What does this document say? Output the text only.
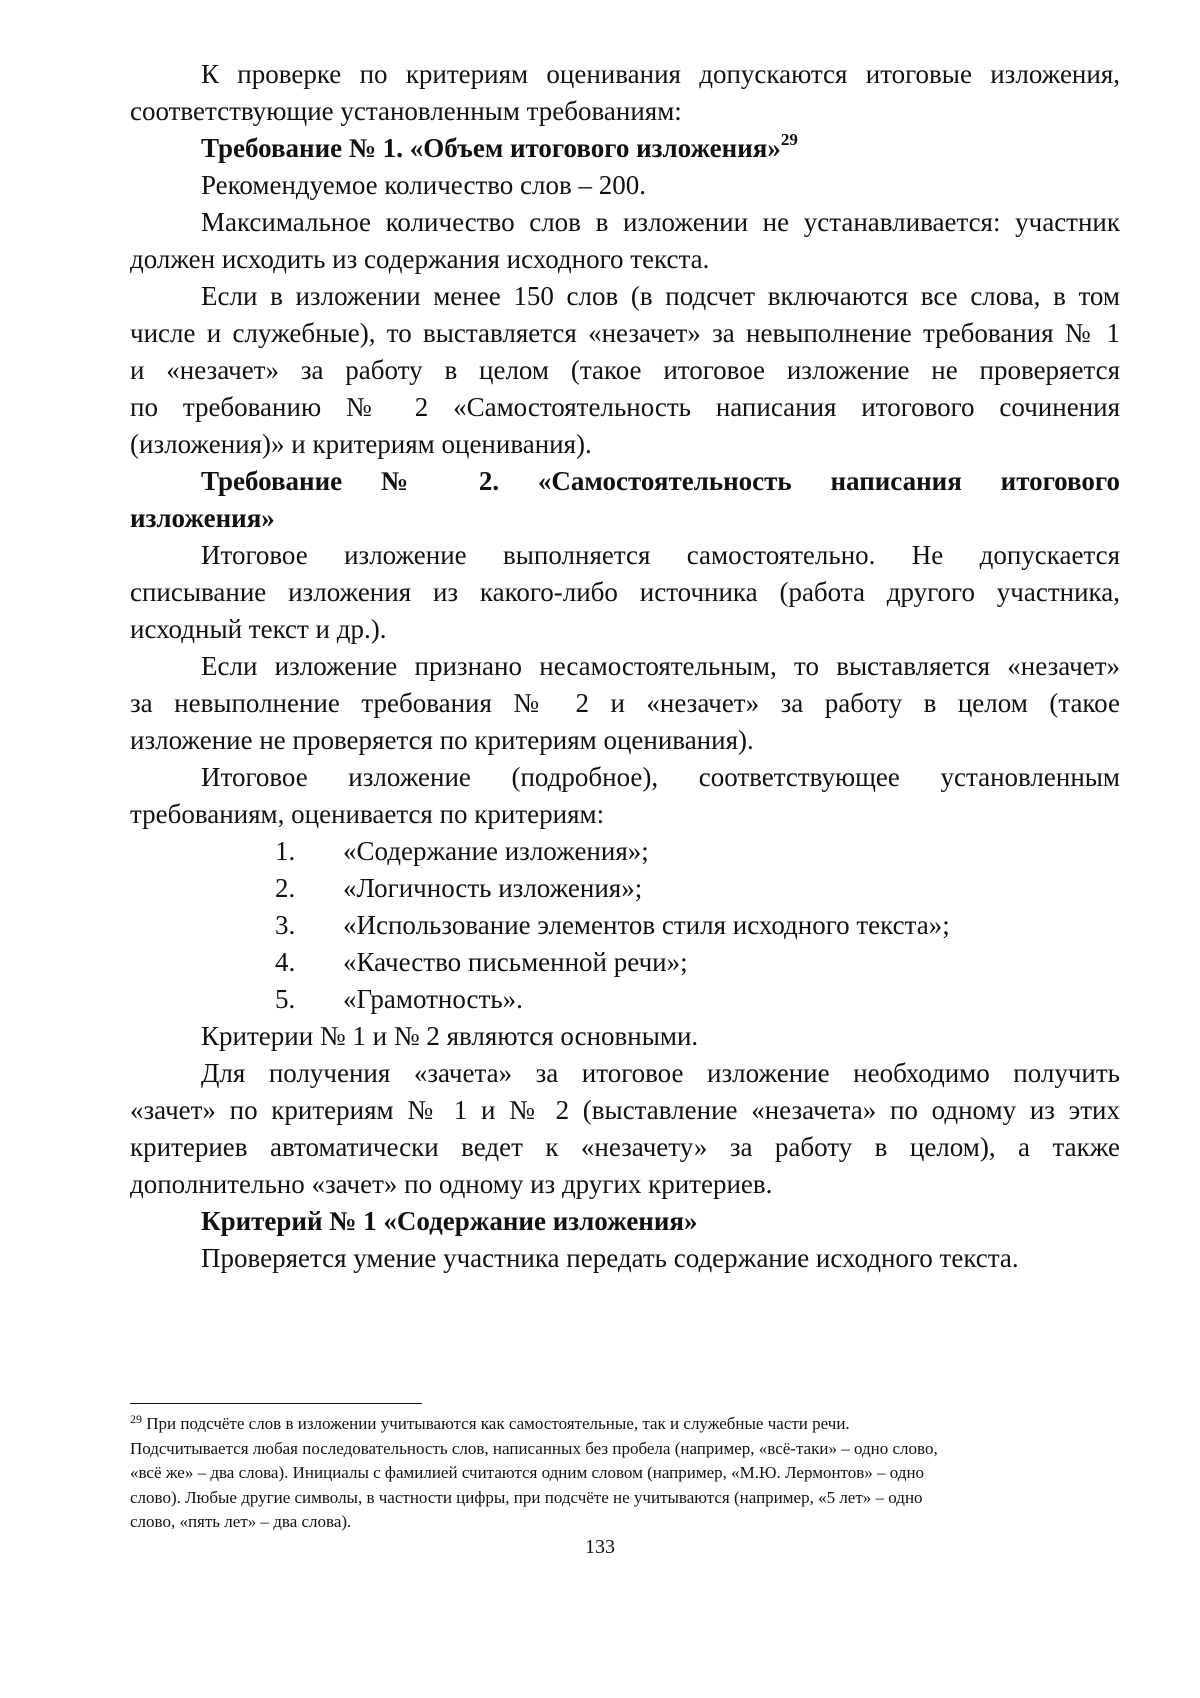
К проверке по критериям оценивания допускаются итоговые изложения,
соответствующие установленным требованиям:
Требование № 1. «Объем итогового изложения»$^{29}$
Рекомендуемое количество слов – 200.
Максимальное количество слов в изложении не устанавливается: участник
должен исходить из содержания исходного текста.
Если в изложении менее 150 слов (в подсчет включаются все слова, в том
числе и служебные), то выставляется «незачет» за невыполнение требования № 1
и «незачет» за работу в целом (такое итоговое изложение не проверяется
по требованию № 2 «Самостоятельность написания итогового сочинения
(изложения)» и критериям оценивания).
Требование № 2. «Самостоятельность написания итогового
изложения»
Итоговое изложение выполняется самостоятельно. Не допускается
списывание изложения из какого-либо источника (работа другого участника,
исходный текст и др.).
Если изложение признано несамостоятельным, то выставляется «незачет»
за невыполнение требования № 2 и «незачет» за работу в целом (такое
изложение не проверяется по критериям оценивания).
Итоговое изложение (подробное), соответствующее установленным
требованиям, оценивается по критериям:
1. «Содержание изложения»;
2. «Логичность изложения»;
3. «Использование элементов стиля исходного текста»;
4. «Качество письменной речи»;
5. «Грамотность».
Критерии № 1 и № 2 являются основными.
Для получения «зачета» за итоговое изложение необходимо получить
«зачет» по критериям № 1 и № 2 (выставление «незачета» по одному из этих
критериев автоматически ведет к «незачету» за работу в целом), а также
дополнительно «зачет» по одному из других критериев.
Критерий № 1 «Содержание изложения»
Проверяется умение участника передать содержание исходного текста.
$^{29}$ При подсчёте слов в изложении учитываются как самостоятельные, так и служебные части речи.
Подсчитывается любая последовательность слов, написанных без пробела (например, «всё-таки» – одно слово,
«всё же» – два слова). Инициалы с фамилией считаются одним словом (например, «М.Ю. Лермонтов» – одно
слово). Любые другие символы, в частности цифры, при подсчёте не учитываются (например, «5 лет» – одно
слово, «пять лет» – два слова).
133
